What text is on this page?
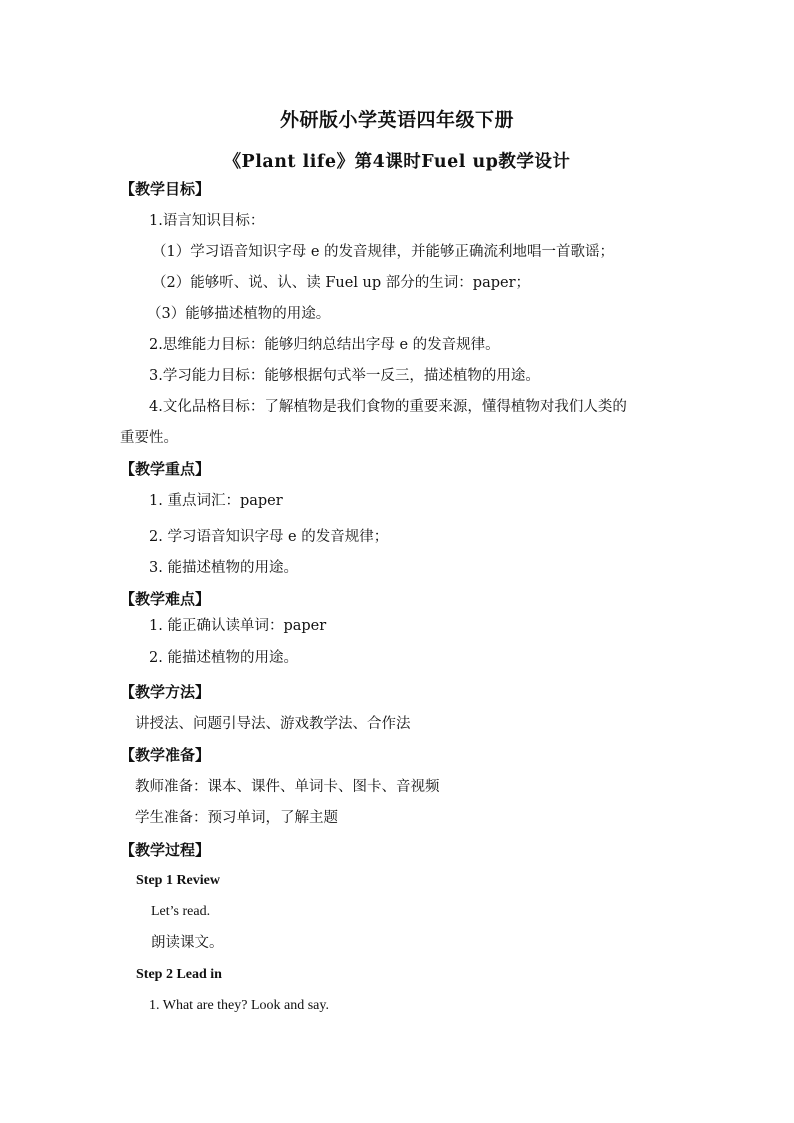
外研版小学英语四年级下册
《Plant life》第4课时Fuel up教学设计
【教学目标】
1.语言知识目标：
（1）学习语音知识字母 e 的发音规律，并能够正确流利地唱一首歌谣；
（2）能够听、说、认、读 Fuel up 部分的生词：paper；
（3）能够描述植物的用途。
2.思维能力目标：能够归纳总结出字母 e 的发音规律。
3.学习能力目标：能够根据句式举一反三，描述植物的用途。
4.文化品格目标：了解植物是我们食物的重要来源，懂得植物对我们人类的
重要性。
【教学重点】
1. 重点词汇：paper
2. 学习语音知识字母 e 的发音规律；
3. 能描述植物的用途。
【教学难点】
1. 能正确认读单词：paper
2. 能描述植物的用途。
【教学方法】
讲授法、问题引导法、游戏教学法、合作法
【教学准备】
教师准备：课本、课件、单词卡、图卡、音视频
学生准备：预习单词，了解主题
【教学过程】
Step 1 Review
Let’s read.
朗读课文。
Step 2 Lead in
1. What are they? Look and say.
